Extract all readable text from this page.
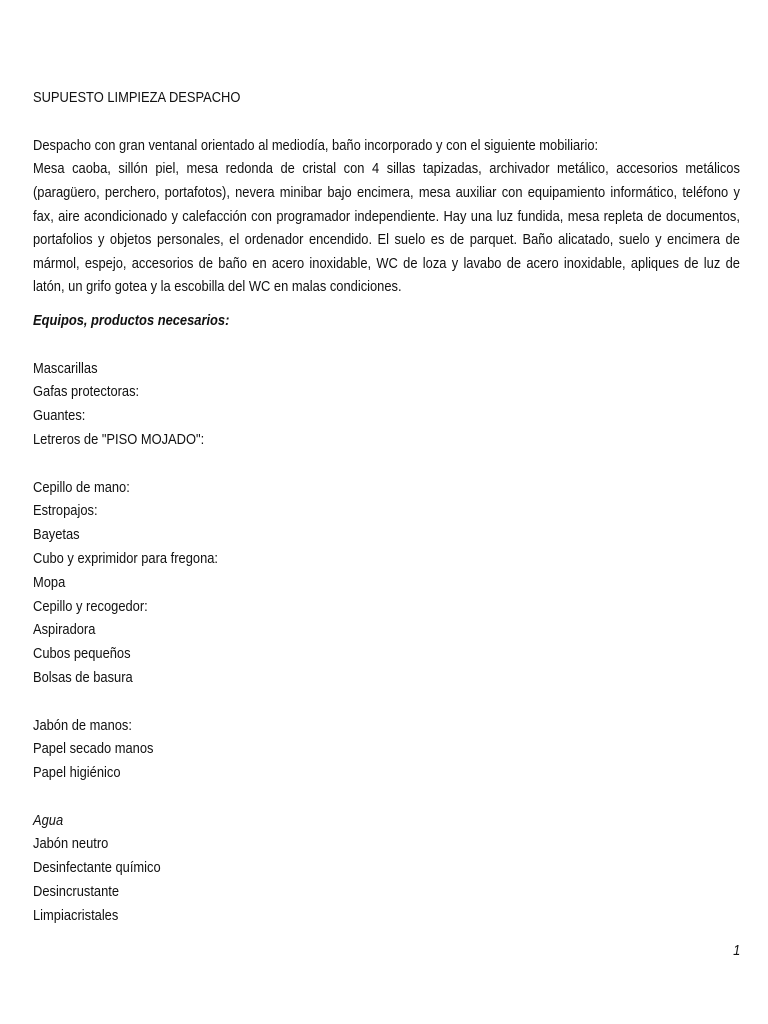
SUPUESTO LIMPIEZA DESPACHO
Despacho con gran ventanal orientado al mediodía, baño incorporado y con el siguiente mobiliario:
Mesa caoba, sillón piel, mesa redonda de cristal con 4 sillas tapizadas, archivador metálico, accesorios metálicos (paragüero, perchero, portafotos), nevera minibar bajo encimera, mesa auxiliar con equipamiento informático, teléfono y fax, aire acondicionado y calefacción con programador independiente. Hay una luz fundida, mesa repleta de documentos, portafolios y objetos personales, el ordenador encendido. El suelo es de parquet. Baño alicatado, suelo y encimera de mármol, espejo, accesorios de baño en acero inoxidable, WC de loza y lavabo de acero inoxidable, apliques de luz de latón, un grifo gotea y la escobilla del WC en malas condiciones.
Equipos, productos necesarios:
Mascarillas
Gafas protectoras:
Guantes:
Letreros de "PISO MOJADO":
Cepillo de mano:
Estropajos:
Bayetas
Cubo y exprimidor para fregona:
Mopa
Cepillo y recogedor:
Aspiradora
Cubos pequeños
Bolsas de basura
Jabón de manos:
Papel secado manos
Papel higiénico
Agua
Jabón neutro
Desinfectante químico
Desincrustante
Limpiacristales
1
